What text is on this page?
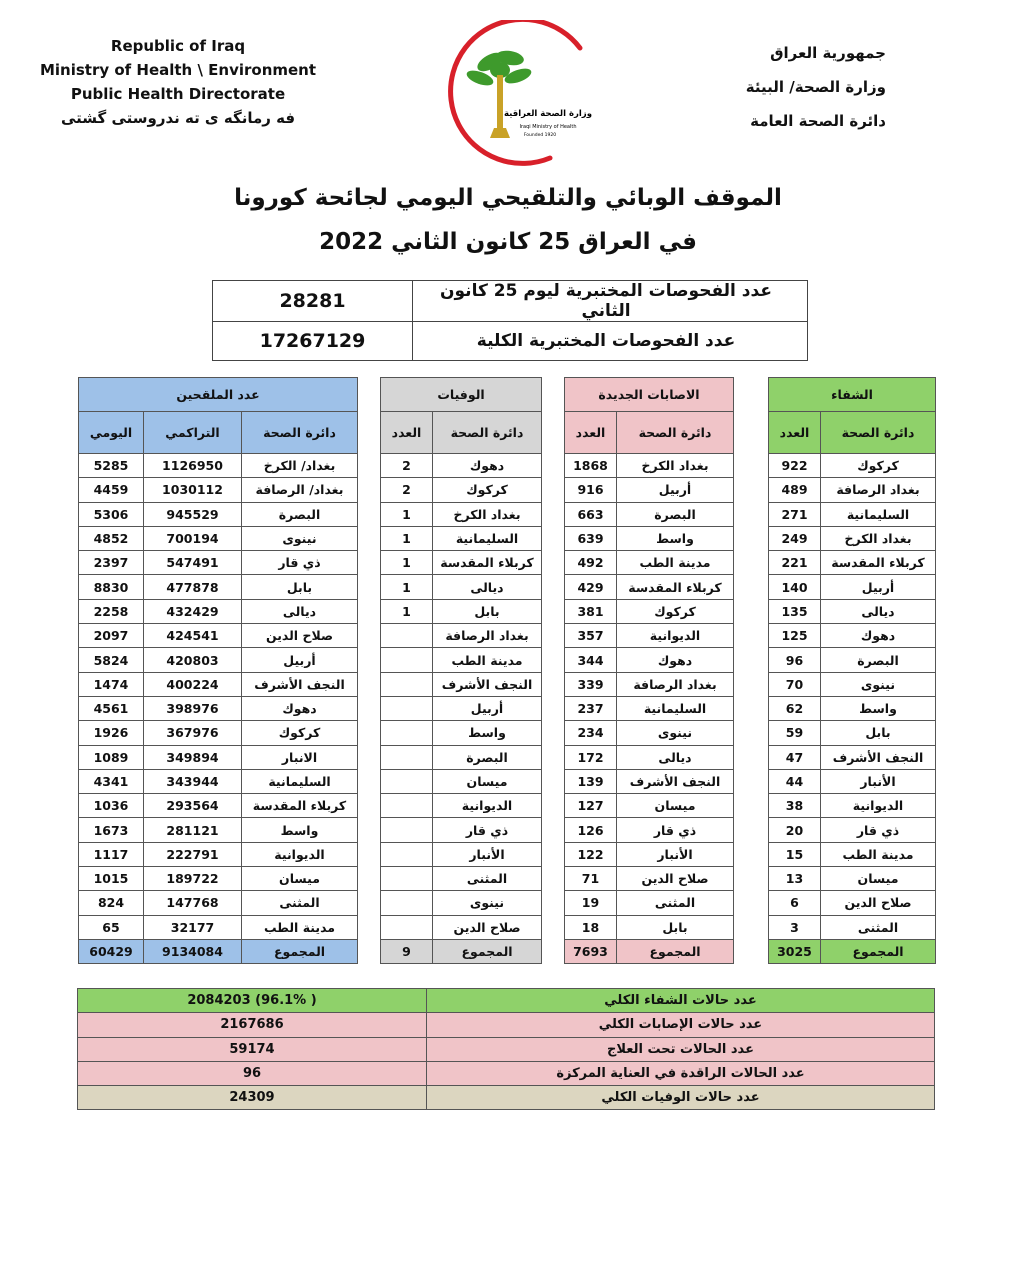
Republic of Iraq
Ministry of Health \ Environment
Public Health Directorate
فه رمانگه ی ته ندروستی گشتی	وزارة الصحة العراقية
Iraqi Ministry of Health
Founded 1920
جمهورية العراق
وزارة الصحة/ البيئة
دائرة الصحة العامة
الموقف الوبائي والتلقيحي اليومي لجائحة كورونا
في العراق 25 كانون الثاني 2022
عدد الفحوصات المختبرية ليوم 25 كانون الثاني	28281
عدد الفحوصات المختبرية الكلية	17267129
الشفاء	
دائرة الصحة	العدد
كركوك	922
بغداد الرصافة	489
السليمانية	271
بغداد الكرخ	249
كربلاء المقدسة	221
أربيل	140
ديالى	135
دهوك	125
البصرة	96
نينوى	70
واسط	62
بابل	59
النجف الأشرف	47
الأنبار	44
الديوانية	38
ذي قار	20
مدينة الطب	15
ميسان	13
صلاح الدين	6
المثنى	3
المجموع	3025
الاصابات الجديدة	
دائرة الصحة	العدد
بغداد الكرخ	1868
أربيل	916
البصرة	663
واسط	639
مدينة الطب	492
كربلاء المقدسة	429
كركوك	381
الديوانية	357
دهوك	344
بغداد الرصافة	339
السليمانية	237
نينوى	234
ديالى	172
النجف الأشرف	139
ميسان	127
ذي قار	126
الأنبار	122
صلاح الدين	71
المثنى	19
بابل	18
المجموع	7693
الوفيات	
دائرة الصحة	العدد
دهوك	2
كركوك	2
بغداد الكرخ	1
السليمانية	1
كربلاء المقدسة	1
ديالى	1
بابل	1
بغداد الرصافة	
مدينة الطب	
النجف الأشرف	
أربيل	
واسط	
البصرة	
ميسان	
الديوانية	
ذي قار	
الأنبار	
المثنى	
نينوى	
صلاح الدين	
المجموع	9
عدد الملقحين		
دائرة الصحة	التراكمي	اليومي
بغداد/ الكرخ	1126950	5285
بغداد/ الرصافة	1030112	4459
البصرة	945529	5306
نينوى	700194	4852
ذي قار	547491	2397
بابل	477878	8830
ديالى	432429	2258
صلاح الدين	424541	2097
أربيل	420803	5824
النجف الأشرف	400224	1474
دهوك	398976	4561
كركوك	367976	1926
الانبار	349894	1089
السليمانية	343944	4341
كربلاء المقدسة	293564	1036
واسط	281121	1673
الديوانية	222791	1117
ميسان	189722	1015
المثنى	147768	824
مدينة الطب	32177	65
المجموع	9134084	60429
عدد حالات الشفاء الكلي	( 96.1%) 2084203
عدد حالات الإصابات الكلي	2167686
عدد الحالات تحت العلاج	59174
عدد الحالات الراقدة في العناية المركزة	96
عدد حالات الوفيات الكلي	24309
